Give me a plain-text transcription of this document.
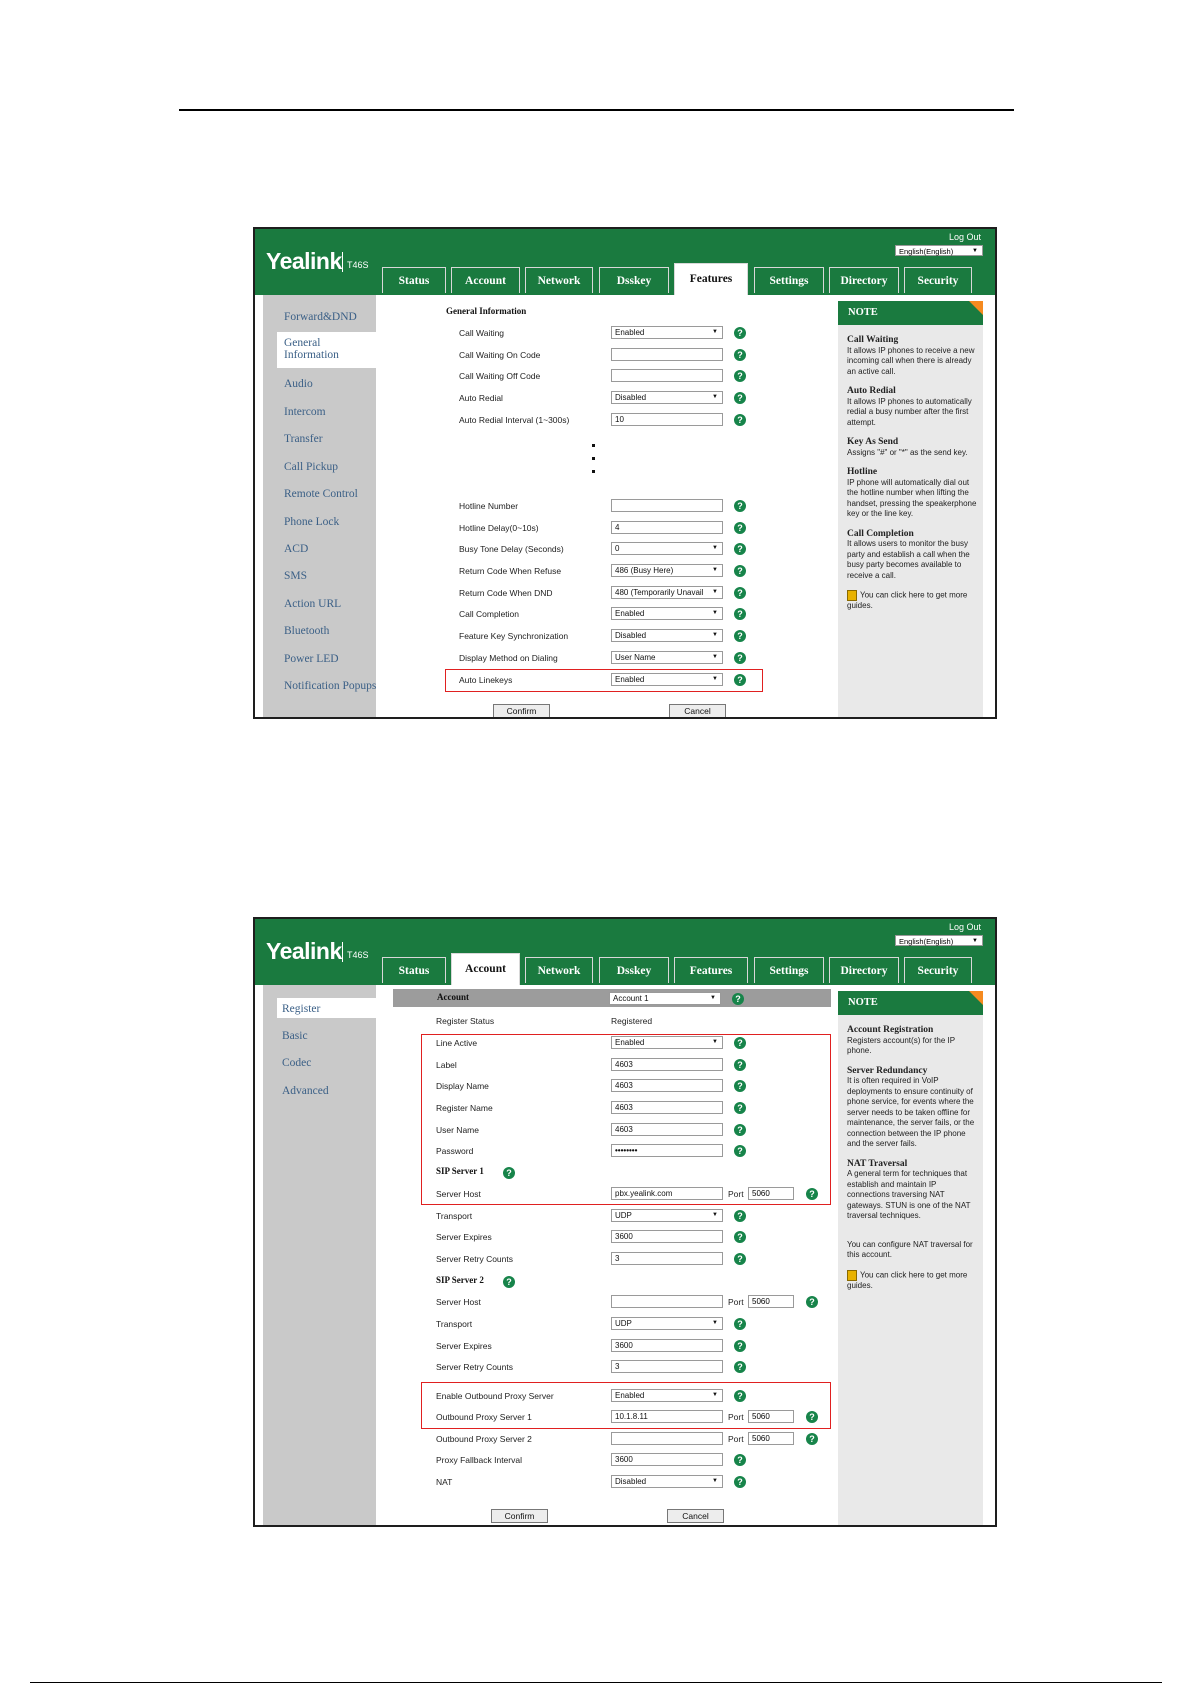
Yealink T46S
Log Out
English(English)	▼
Status	Account	Network	Dsskey	Features	Settings	Directory	Security
Forward&DND
General Information
Audio
Intercom
Transfer
Call Pickup
Remote Control
Phone Lock
ACD
SMS
Action URL
Bluetooth
Power LED
Notification Popups
General Information
Call Waiting	Enabled	▼	?
Call Waiting On Code	?
Call Waiting Off Code	?
Auto Redial	Disabled	▼	?
Auto Redial Interval (1~300s)	10	?
Hotline Number	?
Hotline Delay(0~10s)	4	?
Busy Tone Delay (Seconds)	0	▼	?
Return Code When Refuse	486 (Busy Here)	▼	?
Return Code When DND	480 (Temporarily Unavail ▼	?
Call Completion	Enabled	▼	?
Feature Key Synchronization	Disabled	▼	?
Display Method on Dialing	User Name	▼	?
Auto Linekeys	Enabled	▼	?
Confirm	Cancel
NOTE

Call Waiting
It allows IP phones to receive a new incoming call when there is already an active call.

Auto Redial
It allows IP phones to automatically redial a busy number after the first attempt.

Key As Send
Assigns "#" or "*" as the send key.

Hotline
IP phone will automatically dial out the hotline number when lifting the handset, pressing the speakerphone key or the line key.

Call Completion
It allows users to monitor the busy party and establish a call when the busy party becomes available to receive a call.

You can click here to get more guides.

Yealink T46S
Log Out
English(English)	▼
Status	Account	Network	Dsskey	Features	Settings	Directory	Security
Register
Basic
Codec
Advanced
Account	Account 1	▼	?
Register Status	Registered
Line Active	Enabled	▼	?
Label	4603	?
Display Name	4603	?
Register Name	4603	?
User Name	4603	?
Password	••••••••	?
SIP Server 1	?
Server Host	pbx.yealink.com	Port	5060	?
Transport	UDP	▼	?
Server Expires	3600	?
Server Retry Counts	3	?
SIP Server 2	?
Server Host	Port	5060	?
Transport	UDP	▼	?
Server Expires	3600	?
Server Retry Counts	3	?
Enable Outbound Proxy Server	Enabled	▼	?
Outbound Proxy Server 1	10.1.8.11	Port	5060	?
Outbound Proxy Server 2	Port	5060	?
Proxy Fallback Interval	3600	?
NAT	Disabled	▼	?
Confirm	Cancel
NOTE

Account Registration
Registers account(s) for the IP phone.

Server Redundancy
It is often required in VoIP deployments to ensure continuity of phone service, for events where the server needs to be taken offline for maintenance, the server fails, or the connection between the IP phone and the server fails.

NAT Traversal
A general term for techniques that establish and maintain IP connections traversing NAT gateways. STUN is one of the NAT traversal techniques.

You can configure NAT traversal for this account.

You can click here to get more guides.
